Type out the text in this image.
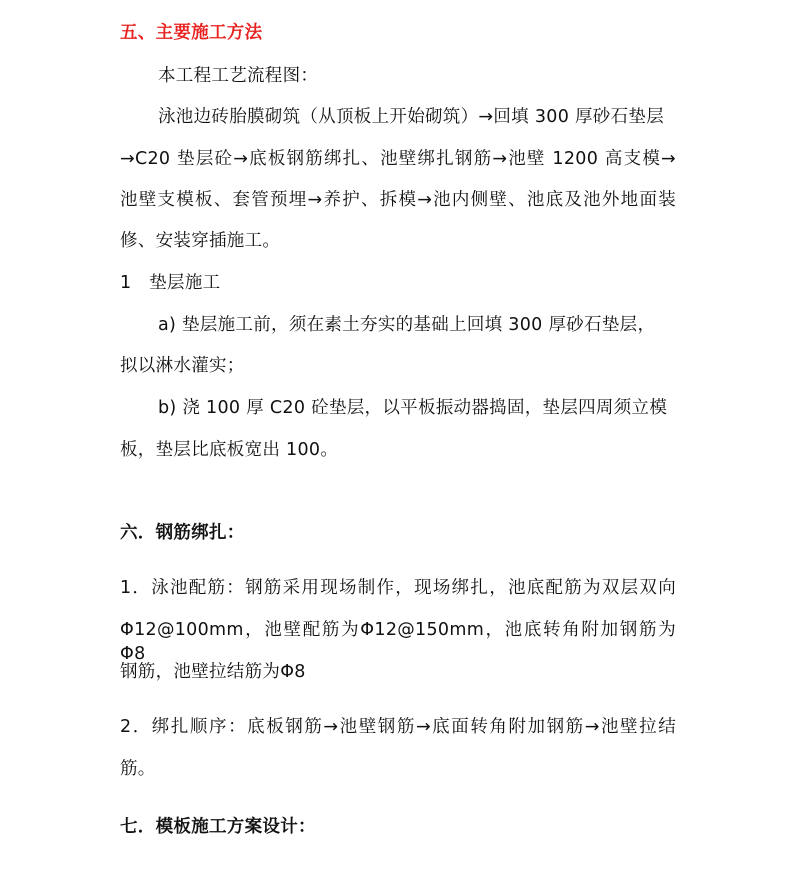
五、主要施工方法
本工程工艺流程图：
泳池边砖胎膜砌筑（从顶板上开始砌筑）→回填 300 厚砂石垫层
→C20 垫层砼→底板钢筋绑扎、池壁绑扎钢筋→池壁 1200 高支模→
池壁支模板、套管预埋→养护、拆模→池内侧壁、池底及池外地面装
修、安装穿插施工。
1　垫层施工
a) 垫层施工前，须在素土夯实的基础上回填 300 厚砂石垫层，
拟以淋水灌实；
b) 浇 100 厚 C20 砼垫层，以平板振动器捣固，垫层四周须立模
板，垫层比底板宽出 100。
六．钢筋绑扎：
1．泳池配筋：钢筋采用现场制作，现场绑扎，池底配筋为双层双向
Φ12@100mm，池壁配筋为Φ12@150mm，池底转角附加钢筋为Φ8
钢筋，池壁拉结筋为Φ8
2．绑扎顺序：底板钢筋→池壁钢筋→底面转角附加钢筋→池壁拉结
筋。
七．模板施工方案设计：
